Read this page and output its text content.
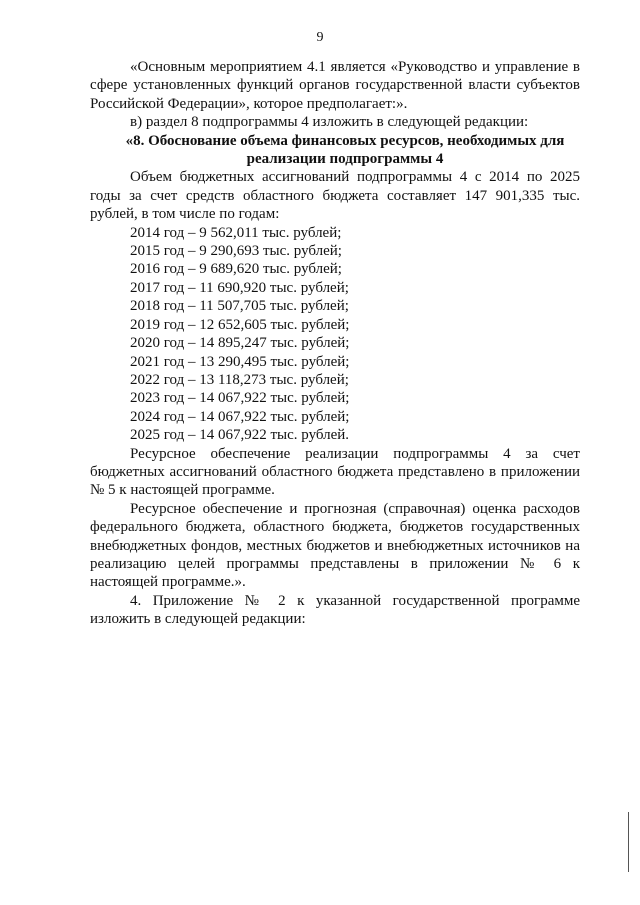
9

«Основным мероприятием 4.1 является «Руководство и управление в сфере установленных функций органов государственной власти субъектов Российской Федерации», которое предполагает:».

в) раздел 8 подпрограммы 4 изложить в следующей редакции:

«8. Обоснование объема финансовых ресурсов, необходимых для реализации подпрограммы 4

Объем бюджетных ассигнований подпрограммы 4 с 2014 по 2025 годы за счет средств областного бюджета составляет 147 901,335 тыс. рублей, в том числе по годам:

2014 год – 9 562,011 тыс. рублей;
2015 год – 9 290,693 тыс. рублей;
2016 год – 9 689,620 тыс. рублей;
2017 год – 11 690,920 тыс. рублей;
2018 год – 11 507,705 тыс. рублей;
2019 год – 12 652,605 тыс. рублей;
2020 год – 14 895,247 тыс. рублей;
2021 год – 13 290,495 тыс. рублей;
2022 год – 13 118,273 тыс. рублей;
2023 год – 14 067,922 тыс. рублей;
2024 год – 14 067,922 тыс. рублей;
2025 год – 14 067,922 тыс. рублей.

Ресурсное обеспечение реализации подпрограммы 4 за счет бюджетных ассигнований областного бюджета представлено в приложении № 5 к настоящей программе.

Ресурсное обеспечение и прогнозная (справочная) оценка расходов федерального бюджета, областного бюджета, бюджетов государственных внебюджетных фондов, местных бюджетов и внебюджетных источников на реализацию целей программы представлены в приложении № 6 к настоящей программе.».

4. Приложение № 2 к указанной государственной программе изложить в следующей редакции:
